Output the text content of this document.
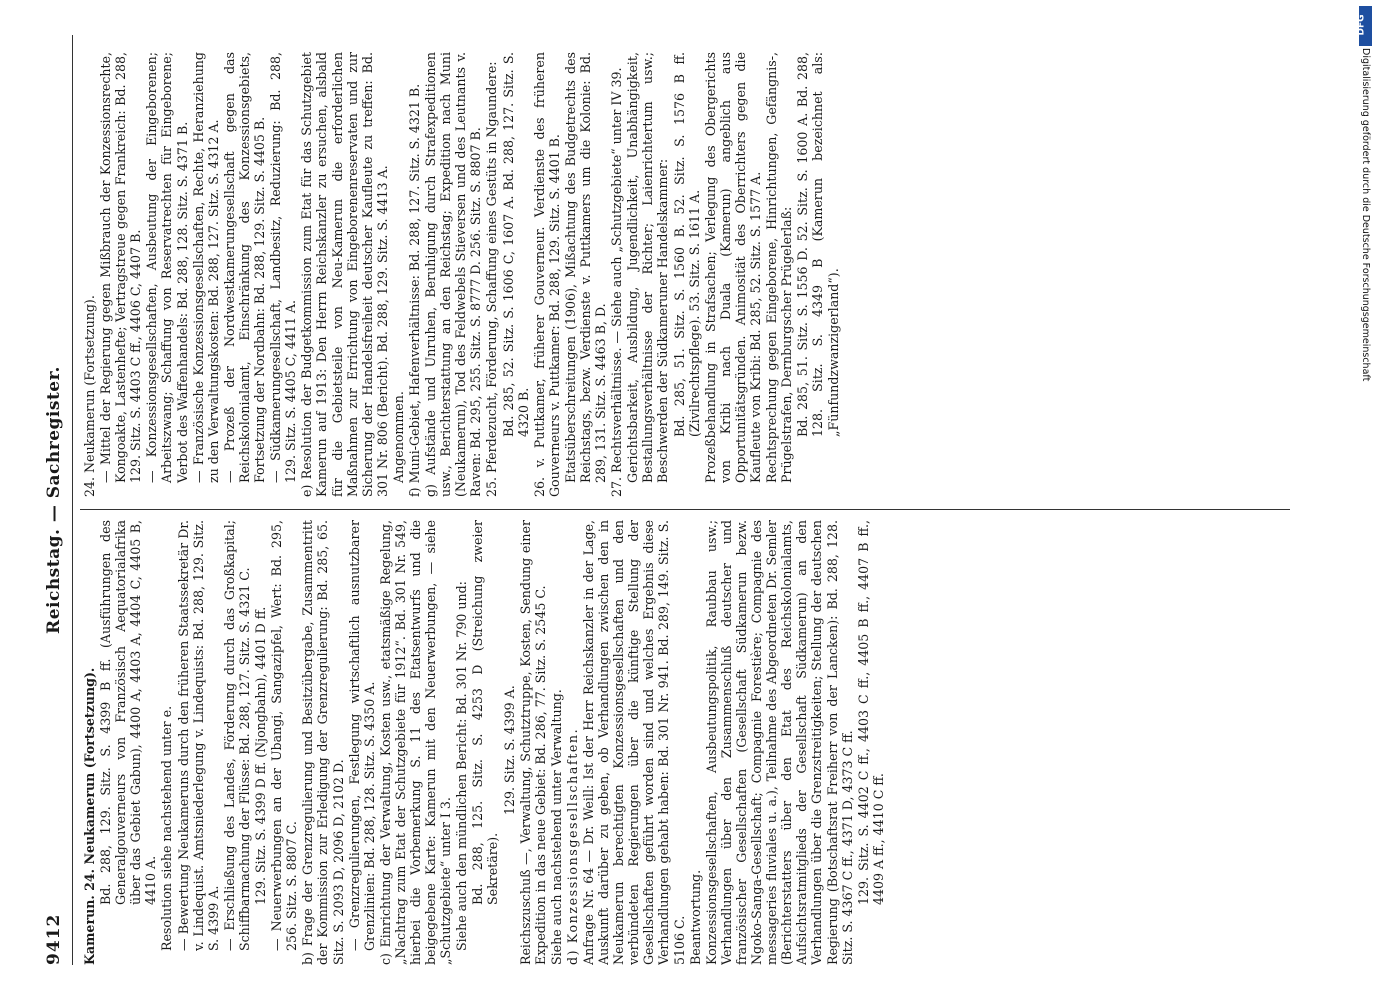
9412
Reichstag. — Sachregister.

Kamerun. 24. Neukamerun (Fortsetzung). Bd. 288, 129. Sitz. S. 4399 B ff. (Ausführungen des Generalgouverneurs von Französisch Aequatorialafrika über das Gebiet Gabun), 4400 A, 4403 A, 4404 C, 4405 B, 4410 A. Resolution siehe nachstehend unter e. — Bewertung Neukameruns durch den früheren Staatssekretär Dr. v. Lindequist. Amtsniederlegung v. Lindequists: Bd. 288, 129. Sitz. S. 4399 A. — Erschließung des Landes, Förderung durch das Großkapital; Schiffbarmachung der Flüsse: Bd. 288, 127. Sitz. S. 4321 C. 129. Sitz. S. 4399 D ff. (Njongbahn), 4401 D ff. — Neuerwerbungen an der Ubangi, Sangazipfel, Wert: Bd. 295, 256. Sitz. S. 8807 C. b) Frage der Grenzregulierung und Besitzübergabe, Zusammentritt der Kommission zur Erledigung der Grenzregulierung: Bd. 285, 65. Sitz. S. 2093 D, 2096 D, 2102 D. — Grenzregulierungen, Festlegung wirtschaftlich ausnutzbarer Grenzlinien: Bd. 288, 128. Sitz. S. 4350 A. c) Einrichtung der Verwaltung, Kosten usw., etatsmäßige Regelung, „Nachtrag zum Etat der Schutzgebiete für 1912“. Bd. 301 Nr. 549, hierbei die Vorbemerkung S. 11 des Etatsentwurfs und die beigegebene Karte: Kamerun mit den Neuerwerbungen, — siehe „Schutzgebiete“ unter I 3. Siehe auch den mündlichen Bericht: Bd. 301 Nr. 790 und: Bd. 288, 125. Sitz. S. 4253 D (Streichung zweier Sekretäre).

129. Sitz. S. 4399 A. Reichszuschuß —, Verwaltung, Schutztruppe, Kosten, Sendung einer Expedition in das neue Gebiet: Bd. 286, 77. Sitz. S. 2545 C. Siehe auch nachstehend unter Verwaltung. d) Konzessionsgesellschaften. Anfrage Nr. 64 — Dr. Weill: Ist der Herr Reichskanzler in der Lage, Auskunft darüber zu geben, ob Verhandlungen zwischen den in Neukamerun berechtigten Konzessionsgesellschaften und den verbündeten Regierungen über die künftige Stellung der Gesellschaften geführt worden sind und welches Ergebnis diese Verhandlungen gehabt haben: Bd. 301 Nr. 941. Bd. 289, 149. Sitz. S. 5106 C. Beantwortung. Konzessionsgesellschaften, Ausbeutungspolitik, Raubbau usw.; Verhandlungen über den Zusammenschluß deutscher und französischer Gesellschaften (Gesellschaft Südkamerun bezw. Ngoko-Sanga-Gesellschaft; Compagnie Forestière; Compagnie des messageries fluviales u. a.), Teilnahme des Abgeordneten Dr. Semler (Berichterstatters über den Etat des Reichskolonialamts, Aufsichtsratmitglieds der Gesellschaft Südkamerun) an den Verhandlungen über die Grenzstreitigkeiten; Stellung der deutschen Regierung (Botschaftsrat Freiherr von der Lancken): Bd. 288, 128. Sitz. S. 4367 C ff., 4371 D, 4373 C ff. 129. Sitz. S. 4402 C ff., 4403 C ff., 4405 B ff., 4407 B ff., 4409 A ff., 4410 C ff.

24. Neukamerun (Fortsetzung). — Mittel der Regierung gegen Mißbrauch der Konzessionsrechte, Kongoakte, Lastenhefte; Vertragstreue gegen Frankreich: Bd. 288, 129. Sitz. S. 4403 C ff., 4406 C, 4407 B. — Konzessionsgesellschaften, Ausbeutung der Eingeborenen; Arbeitszwang; Schaffung von Reservatrechten für Eingeborene; Verbot des Waffenhandels: Bd. 288, 128. Sitz. S. 4371 B. — Französische Konzessionsgesellschaften, Rechte, Heranziehung zu den Verwaltungskosten: Bd. 288, 127. Sitz. S. 4312 A. — Prozeß der Nordwestkamerungesellschaft gegen das Reichskolonialamt, Einschränkung des Konzessionsgebiets, Fortsetzung der Nordbahn: Bd. 288, 129. Sitz. S. 4405 B. — Südkamerungesellschaft, Landbesitz, Reduzierung: Bd. 288, 129. Sitz. S. 4405 C, 4411 A. e) Resolution der Budgetkommission zum Etat für das Schutzgebiet Kamerun auf 1913: Den Herrn Reichskanzler zu ersuchen, alsbald für die Gebietsteile von Neu-Kamerun die erforderlichen Maßnahmen zur Errichtung von Eingeborenenreservaten und zur Sicherung der Handelsfreiheit deutscher Kaufleute zu treffen: Bd. 301 Nr. 806 (Bericht). Bd. 288, 129. Sitz. S. 4413 A. Angenommen. f) Muni-Gebiet, Hafenverhältnisse: Bd. 288, 127. Sitz. S. 4321 B. g) Aufstände und Unruhen, Beruhigung durch Strafexpeditionen usw., Berichterstattung an den Reichstag; Expedition nach Muni (Neukamerun), Tod des Feldwebels Stieversen und des Leutnants v. Raven: Bd. 295, 255. Sitz. S. 8777 D. 256. Sitz. S. 8807 B. 25. Pferdezucht, Förderung, Schaffung eines Gestüts in Ngaundere: Bd. 285, 52. Sitz. S. 1606 C, 1607 A. Bd. 288, 127. Sitz. S. 4320 B. 26. v. Puttkamer, früherer Gouverneur. Verdienste des früheren Gouverneurs v. Puttkamer: Bd. 288, 129. Sitz. S. 4401 B. Etatsüberschreitungen (1906), Mißachtung des Budgetrechts des Reichstags, bezw. Verdienste v. Puttkamers um die Kolonie: Bd. 289, 131. Sitz. S. 4463 B, D. 27. Rechtsverhältnisse. — Siehe auch „Schutzgebiete“ unter IV 39. Gerichtsbarkeit, Ausbildung, Jugendlichkeit, Unabhängigkeit, Bestallungsverhältnisse der Richter; Laienrichtertum usw.; Beschwerden der Südkameruner Handelskammer: Bd. 285, 51. Sitz. S. 1560 B. 52. Sitz. S. 1576 B ff. (Zivilrechtspflege). 53. Sitz. S. 1611 A. Prozeßbehandlung in Strafsachen; Verlegung des Obergerichts von Kribi nach Duala (Kamerun) angeblich aus Opportunitätsgründen. Animosität des Oberrichters gegen die Kaufleute von Kribi: Bd. 285, 52. Sitz. S. 1577 A. Rechtsprechung gegen Eingeborene, Hinrichtungen, Gefängnis-, Prügelstrafen, Dernburgscher Prügelerlaß: Bd. 285, 51. Sitz. S. 1556 D. 52. Sitz. S. 1600 A. Bd. 288, 128. Sitz. S. 4349 B (Kamerun bezeichnet als: „Fünfundzwanzigerland“).

DFG
Digitalisierung gefördert durch die Deutsche Forschungsgemeinschaft
